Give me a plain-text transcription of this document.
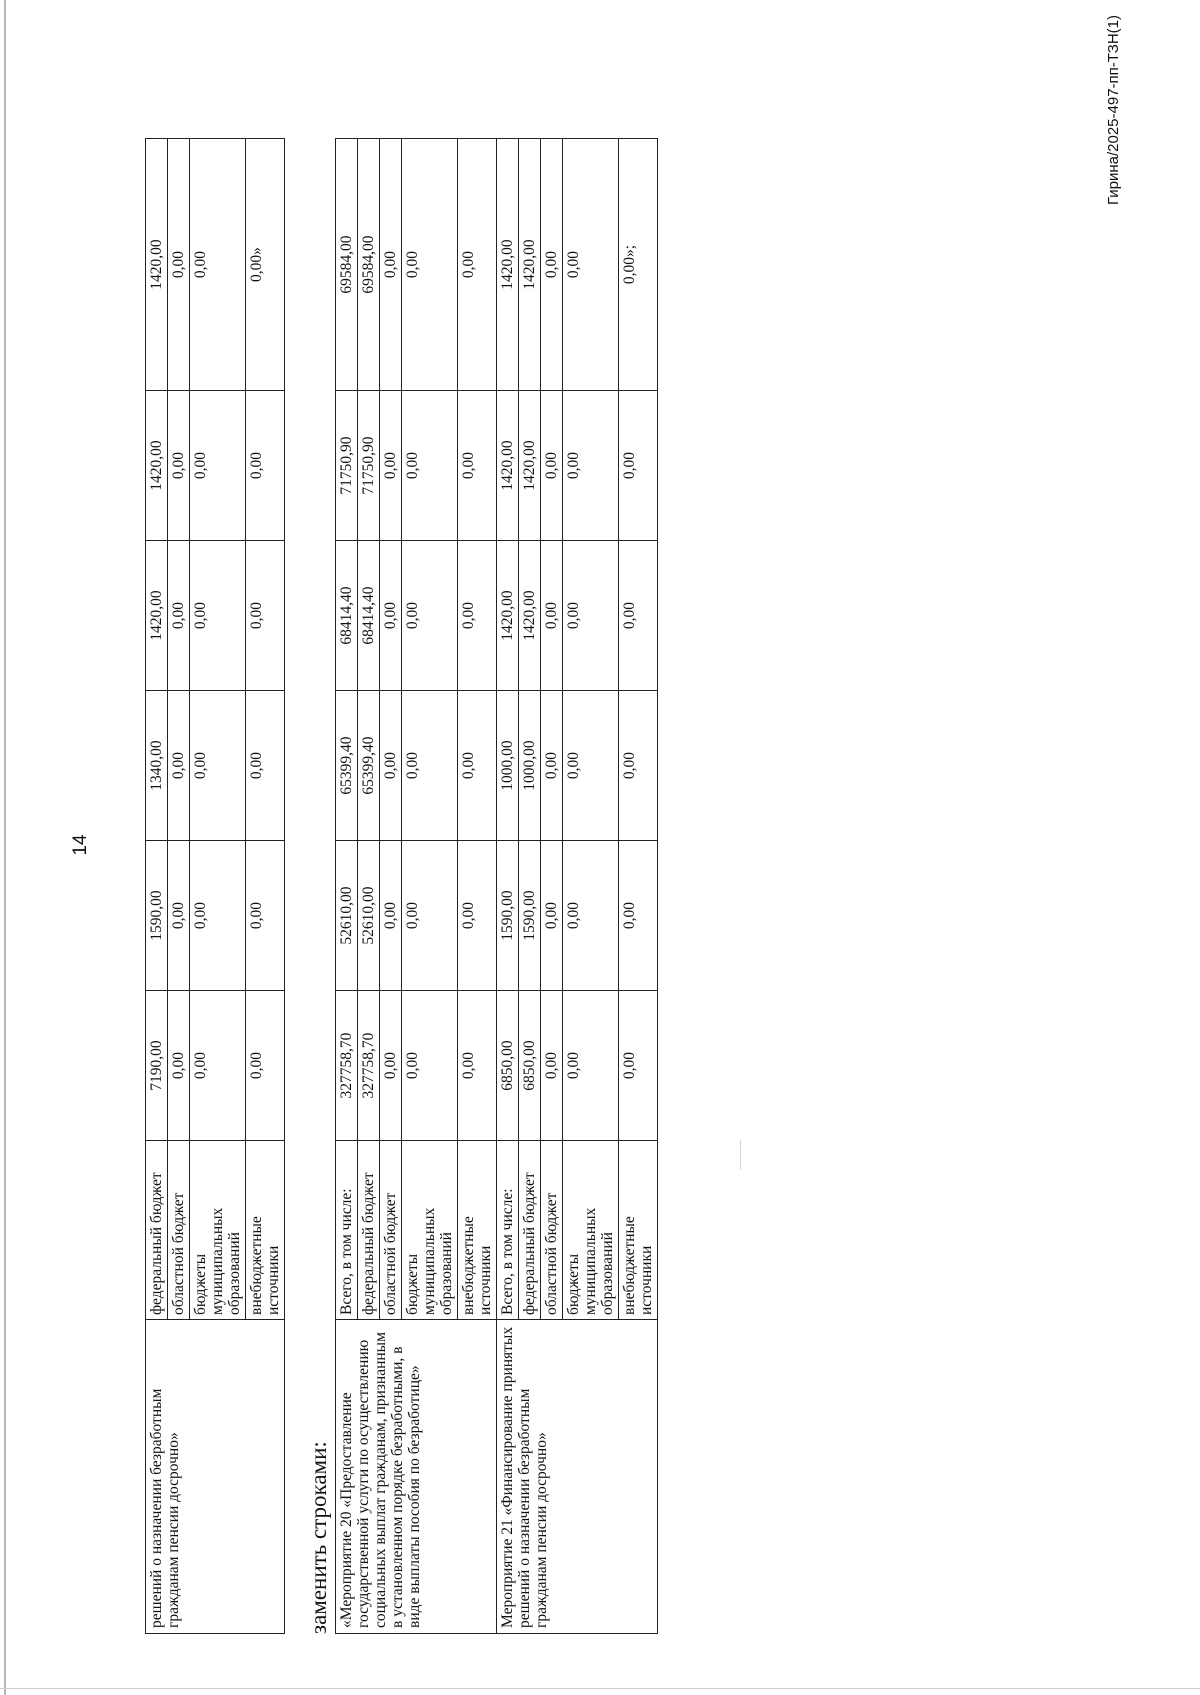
14
заменить строками:
решений о назначении безработным гражданам пенсии досрочно»	федеральный бюджет	7190,00	1590,00	1340,00	1420,00	1420,00	1420,00
	областной бюджет	0,00	0,00	0,00	0,00	0,00	0,00
	бюджеты муниципальных образований	0,00	0,00	0,00	0,00	0,00	0,00
	внебюджетные источники	0,00	0,00	0,00	0,00	0,00	0,00»
«Мероприятие 20 «Предоставление государственной услуги по осуществлению социальных выплат гражданам, признанным в установленном порядке безработными, в виде выплаты пособия по безработице»	Всего, в том числе:	327758,70	52610,00	65399,40	68414,40	71750,90	69584,00
	федеральный бюджет	327758,70	52610,00	65399,40	68414,40	71750,90	69584,00
	областной бюджет	0,00	0,00	0,00	0,00	0,00	0,00
	бюджеты муниципальных образований	0,00	0,00	0,00	0,00	0,00	0,00
	внебюджетные источники	0,00	0,00	0,00	0,00	0,00	0,00
Мероприятие 21 «Финансирование принятых решений о назначении безработным гражданам пенсии досрочно»	Всего, в том числе:	6850,00	1590,00	1000,00	1420,00	1420,00	1420,00
	федеральный бюджет	6850,00	1590,00	1000,00	1420,00	1420,00	1420,00
	областной бюджет	0,00	0,00	0,00	0,00	0,00	0,00
	бюджеты муниципальных образований	0,00	0,00	0,00	0,00	0,00	0,00
	внебюджетные источники	0,00	0,00	0,00	0,00	0,00	0,00»;
Гирина/2025-497-пп-ТЗН(1)
